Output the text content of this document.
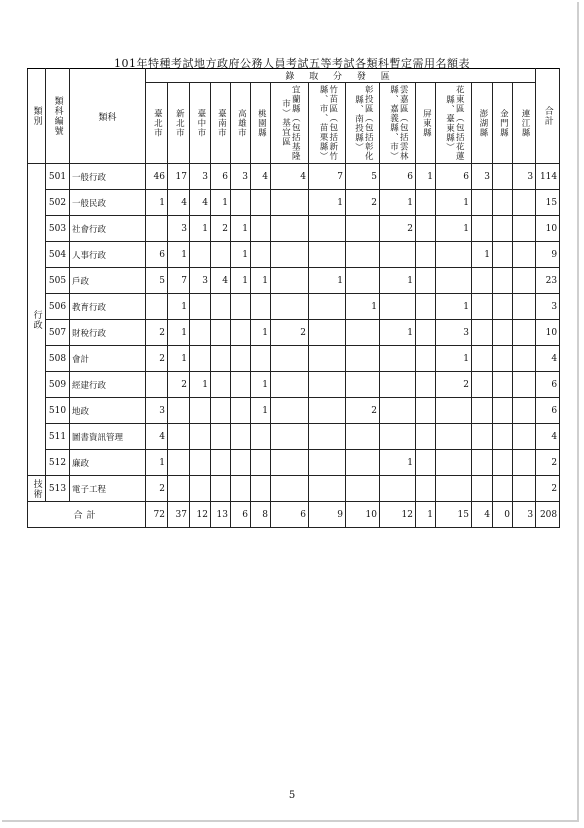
101年特種考試地方政府公務人員考試五等考試各類科暫定需用名額表
類別	類科編號	類科	錄 取 分 發 區															合計

			臺北市	新北市	臺中市	臺南市	高雄市	桃園縣	宜蘭縣（包括基隆市）基宜區	竹苗區（包括新竹縣、市、苗栗縣）	彰投區（包括彰化縣、南投縣）	雲嘉區（包括雲林縣、嘉義縣、市）	屏東縣	花東區（包括花蓮縣、臺東縣）	澎湖縣	金門縣	連江縣	

行政	501	一般行政	46	17	3	6	3	4	4	7	5	6	1	6	3		3	114
	502	一般民政	1	4	4	1				1	2	1		1				15
	503	社會行政		3	1	2	1					2		1				10
	504	人事行政	6	1			1								1			9
	505	戶政	5	7	3	4	1	1		1		1						23
	506	教育行政		1							1			1				3
	507	財稅行政	2	1				1	2			1		3				10
	508	會計	2	1										1				4
	509	經建行政		2	1			1						2				6
	510	地政	3					1			2							6
	511	圖書資訊管理	4															4
	512	廉政	1									1						2

技術	513	電子工程	2															2
合計			72	37	12	13	6	8	6	9	10	12	1	15	4	0	3	208
5
